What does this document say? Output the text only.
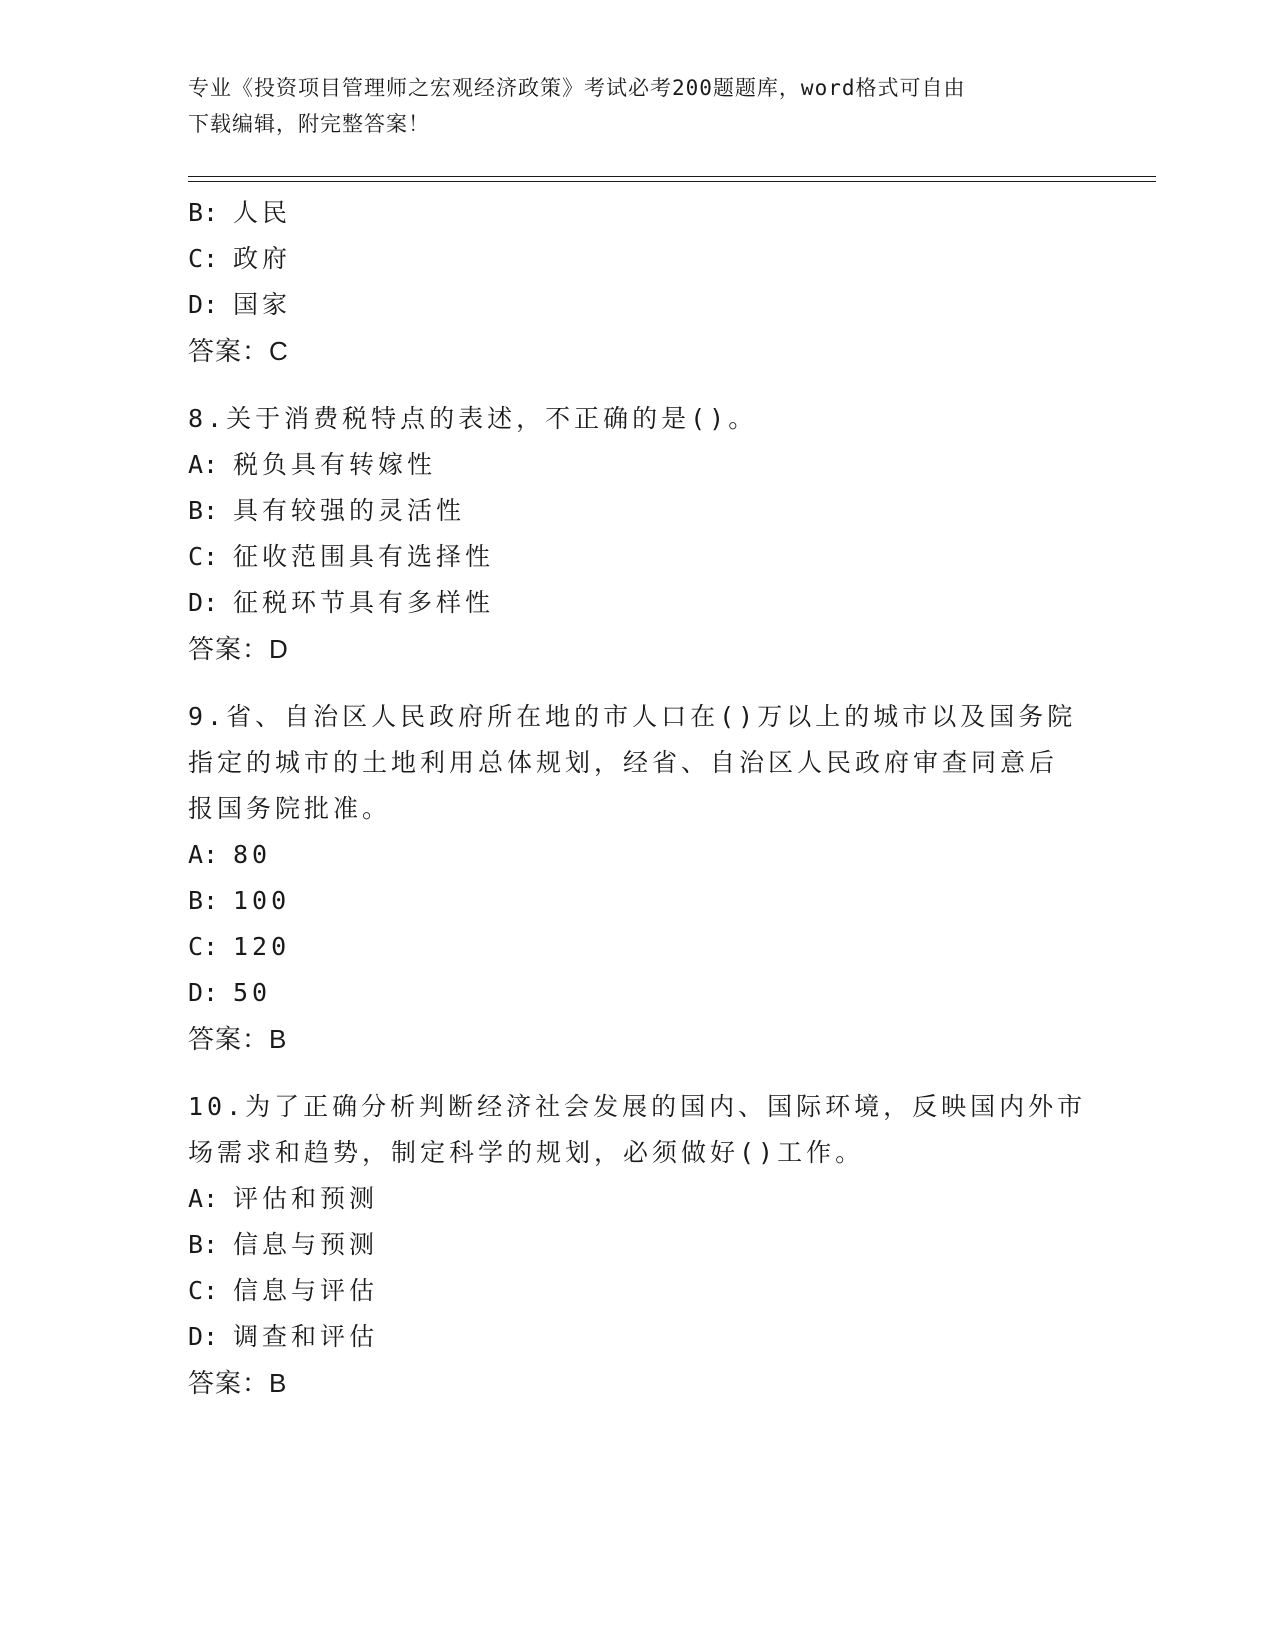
专业《投资项目管理师之宏观经济政策》考试必考200题题库，word格式可自由
下载编辑，附完整答案！
B: 人民
C: 政府
D: 国家
答案：C
8.关于消费税特点的表述，不正确的是()。
A: 税负具有转嫁性
B: 具有较强的灵活性
C: 征收范围具有选择性
D: 征税环节具有多样性
答案：D
9.省、自治区人民政府所在地的市人口在()万以上的城市以及国务院
指定的城市的土地利用总体规划，经省、自治区人民政府审查同意后
报国务院批准。
A: 80
B: 100
C: 120
D: 50
答案：B
10.为了正确分析判断经济社会发展的国内、国际环境，反映国内外市
场需求和趋势，制定科学的规划，必须做好()工作。
A: 评估和预测
B: 信息与预测
C: 信息与评估
D: 调查和评估
答案：B
